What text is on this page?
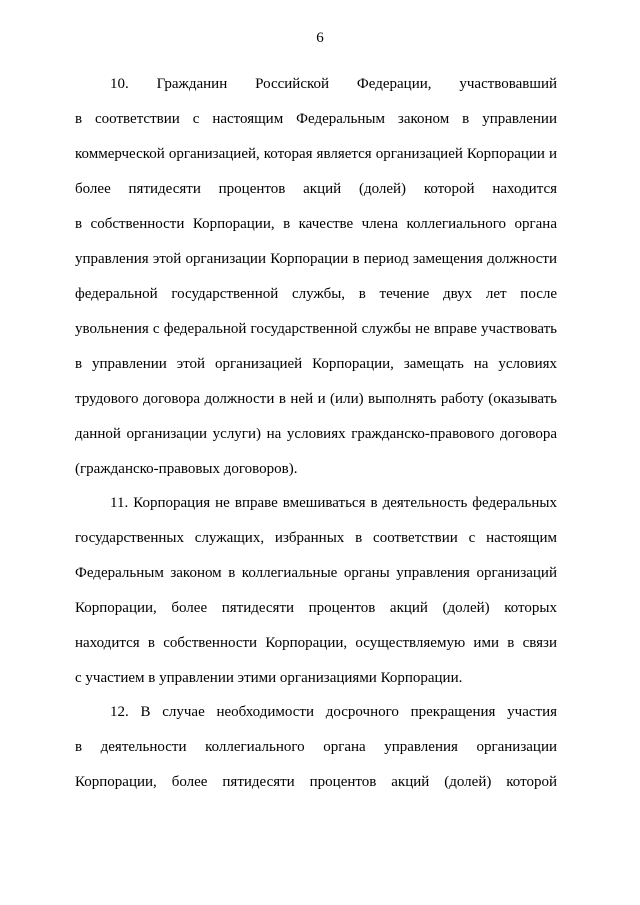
6
10. Гражданин Российской Федерации, участвовавший
в соответствии с настоящим Федеральным законом в управлении
коммерческой организацией, которая является организацией Корпорации и
более пятидесяти процентов акций (долей) которой находится
в собственности Корпорации, в качестве члена коллегиального органа
управления этой организации Корпорации в период замещения должности
федеральной государственной службы, в течение двух лет после
увольнения с федеральной государственной службы не вправе участвовать
в управлении этой организацией Корпорации, замещать на условиях
трудового договора должности в ней и (или) выполнять работу (оказывать
данной организации услуги) на условиях гражданско-правового договора
(гражданско-правовых договоров).
11. Корпорация не вправе вмешиваться в деятельность федеральных
государственных служащих, избранных в соответствии с настоящим
Федеральным законом в коллегиальные органы управления организаций
Корпорации, более пятидесяти процентов акций (долей) которых
находится в собственности Корпорации, осуществляемую ими в связи
с участием в управлении этими организациями Корпорации.
12. В случае необходимости досрочного прекращения участия
в деятельности коллегиального органа управления организации
Корпорации, более пятидесяти процентов акций (долей) которой
